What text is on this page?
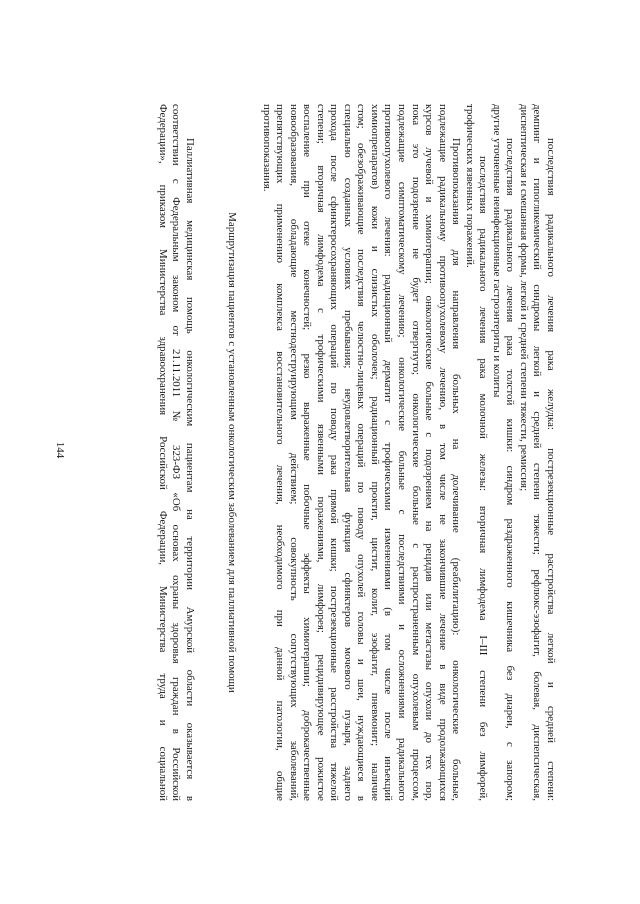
144	последствия радикального лечения рака желудка: пострезекционные расстройства легкой и средней степени:
демпинг и гипогликемический синдромы легкой и средней степени тяжести; рефлюкс-эзофагит, болевая, диспепсическая,
диспептическая и смешанная формы, легкой и средней степени тяжести, ремиссия;
последствия радикального лечения рака толстой кишки: синдром раздраженного кишечника без диареи, с запором;
другие уточненные неинфекционные гастроэнтериты и колиты
последствия радикального лечения рака молочной железы: вторичная лимфодема I–III степени без лимфорей,
трофических язвенных поражений.
Противопоказания для направления больных на долечивание (реабилитацию): онкологические больные,
подлежащие радикальному противоопухолевому лечению, в том числе не закончившие лечение в виде продолжающихся
курсов лучевой и химиотерапии; онкологические больные с подозрением на рецидив или метастазы опухоли до тех пор,
пока это подозрение не будет отвергнуто; онкологические больные с распространенным опухолевым процессом,
подлежащие симптоматическому лечению; онкологические больные с последствиями и осложнениями радикального
противоопухолевого лечения: радиационный дерматит с трофическими изменениями (в том числе после инъекций
химиопрепаратов) кожи и слизистых оболочек; радиационный проктит, цистит, колит, эзофагит, пневмонит; наличие
стом; обезображивающие последствия челюстно-лицевых операций по поводу опухолей головы и шеи, нуждающиеся в
специально созданных условиях пребывания; неудовлетворительная функция сфинктеров мочевого пузыря, заднего
прохода после сфинктеросохраняющих операций по поводу рака прямой кишки; пострезекционные расстройства тяжелой
степени; вторичная лимфодема с трофическими язвенными поражениями, лимфорея; рецидивирующее рожистое
воспаление при отеке конечностей; резко выраженные побочные эффекты химиотерапии; доброкачественные
новообразования, обладающие местнодеструирующим действием; совокупность сопутствующих заболеваний,
препятствующих применению комплекса восстановительного лечения, необходимого при данной патологии, общие
противопоказания.
Маршрутизация пациентов с установленным онкологическим заболеванием для паллиативной помощи
Паллиативная медицинская помощь онкологическим пациентам на территории Амурской области оказывается в
соответствии с Федеральным законом от 21.11.2011 № 323-ФЗ «Об основах охраны здоровья граждан в Российской
Федерации», приказом Министерства здравоохранения Российской Федерации, Министерства труда и социальной
